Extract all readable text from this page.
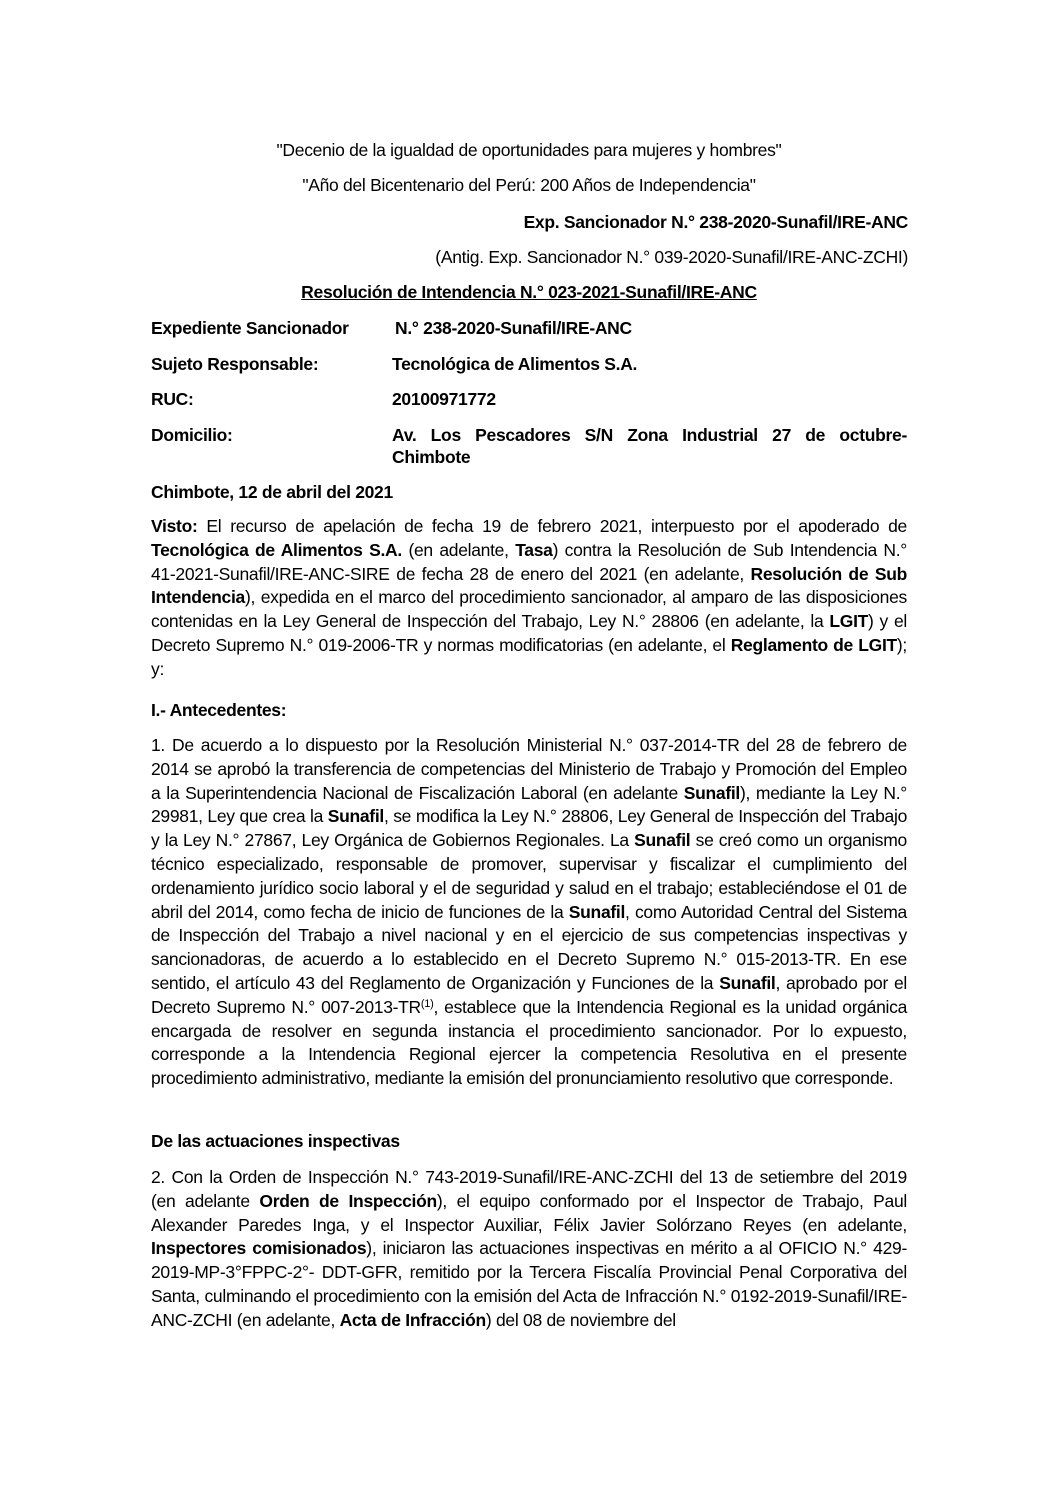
"Decenio de la igualdad de oportunidades para mujeres y hombres"
"Año del Bicentenario del Perú: 200 Años de Independencia"
Exp. Sancionador N.° 238-2020-Sunafil/IRE-ANC
(Antig. Exp. Sancionador N.° 039-2020-Sunafil/IRE-ANC-ZCHI)
Resolución de Intendencia N.° 023-2021-Sunafil/IRE-ANC
Expediente Sancionador	N.° 238-2020-Sunafil/IRE-ANC
Sujeto Responsable:	Tecnológica de Alimentos S.A.
RUC:	20100971772
Domicilio:	Av. Los Pescadores S/N Zona Industrial 27 de octubre-
Chimbote
Chimbote, 12 de abril del 2021
Visto: El recurso de apelación de fecha 19 de febrero 2021, interpuesto por el apoderado de Tecnológica de Alimentos S.A. (en adelante, Tasa) contra la Resolución de Sub Intendencia N.° 41-2021-Sunafil/IRE-ANC-SIRE de fecha 28 de enero del 2021 (en adelante, Resolución de Sub Intendencia), expedida en el marco del procedimiento sancionador, al amparo de las disposiciones contenidas en la Ley General de Inspección del Trabajo, Ley N.° 28806 (en adelante, la LGIT) y el Decreto Supremo N.° 019-2006-TR y normas modificatorias (en adelante, el Reglamento de LGIT); y:
I.- Antecedentes:
1. De acuerdo a lo dispuesto por la Resolución Ministerial N.° 037-2014-TR del 28 de febrero de 2014 se aprobó la transferencia de competencias del Ministerio de Trabajo y Promoción del Empleo a la Superintendencia Nacional de Fiscalización Laboral (en adelante Sunafil), mediante la Ley N.° 29981, Ley que crea la Sunafil, se modifica la Ley N.° 28806, Ley General de Inspección del Trabajo y la Ley N.° 27867, Ley Orgánica de Gobiernos Regionales. La Sunafil se creó como un organismo técnico especializado, responsable de promover, supervisar y fiscalizar el cumplimiento del ordenamiento jurídico socio laboral y el de seguridad y salud en el trabajo; estableciéndose el 01 de abril del 2014, como fecha de inicio de funciones de la Sunafil, como Autoridad Central del Sistema de Inspección del Trabajo a nivel nacional y en el ejercicio de sus competencias inspectivas y sancionadoras, de acuerdo a lo establecido en el Decreto Supremo N.° 015-2013-TR. En ese sentido, el artículo 43 del Reglamento de Organización y Funciones de la Sunafil, aprobado por el Decreto Supremo N.° 007-2013-TR$^{(1)}$, establece que la Intendencia Regional es la unidad orgánica encargada de resolver en segunda instancia el procedimiento sancionador. Por lo expuesto, corresponde a la Intendencia Regional ejercer la competencia Resolutiva en el presente procedimiento administrativo, mediante la emisión del pronunciamiento resolutivo que corresponde.
De las actuaciones inspectivas
2. Con la Orden de Inspección N.° 743-2019-Sunafil/IRE-ANC-ZCHI del 13 de setiembre del 2019 (en adelante Orden de Inspección), el equipo conformado por el Inspector de Trabajo, Paul Alexander Paredes Inga, y el Inspector Auxiliar, Félix Javier Solórzano Reyes (en adelante, Inspectores comisionados), iniciaron las actuaciones inspectivas en mérito a al OFICIO N.° 429-2019-MP-3°FPPC-2°- DDT-GFR, remitido por la Tercera Fiscalía Provincial Penal Corporativa del Santa, culminando el procedimiento con la emisión del Acta de Infracción N.° 0192-2019-Sunafil/IRE-ANC-ZCHI (en adelante, Acta de Infracción) del 08 de noviembre del
